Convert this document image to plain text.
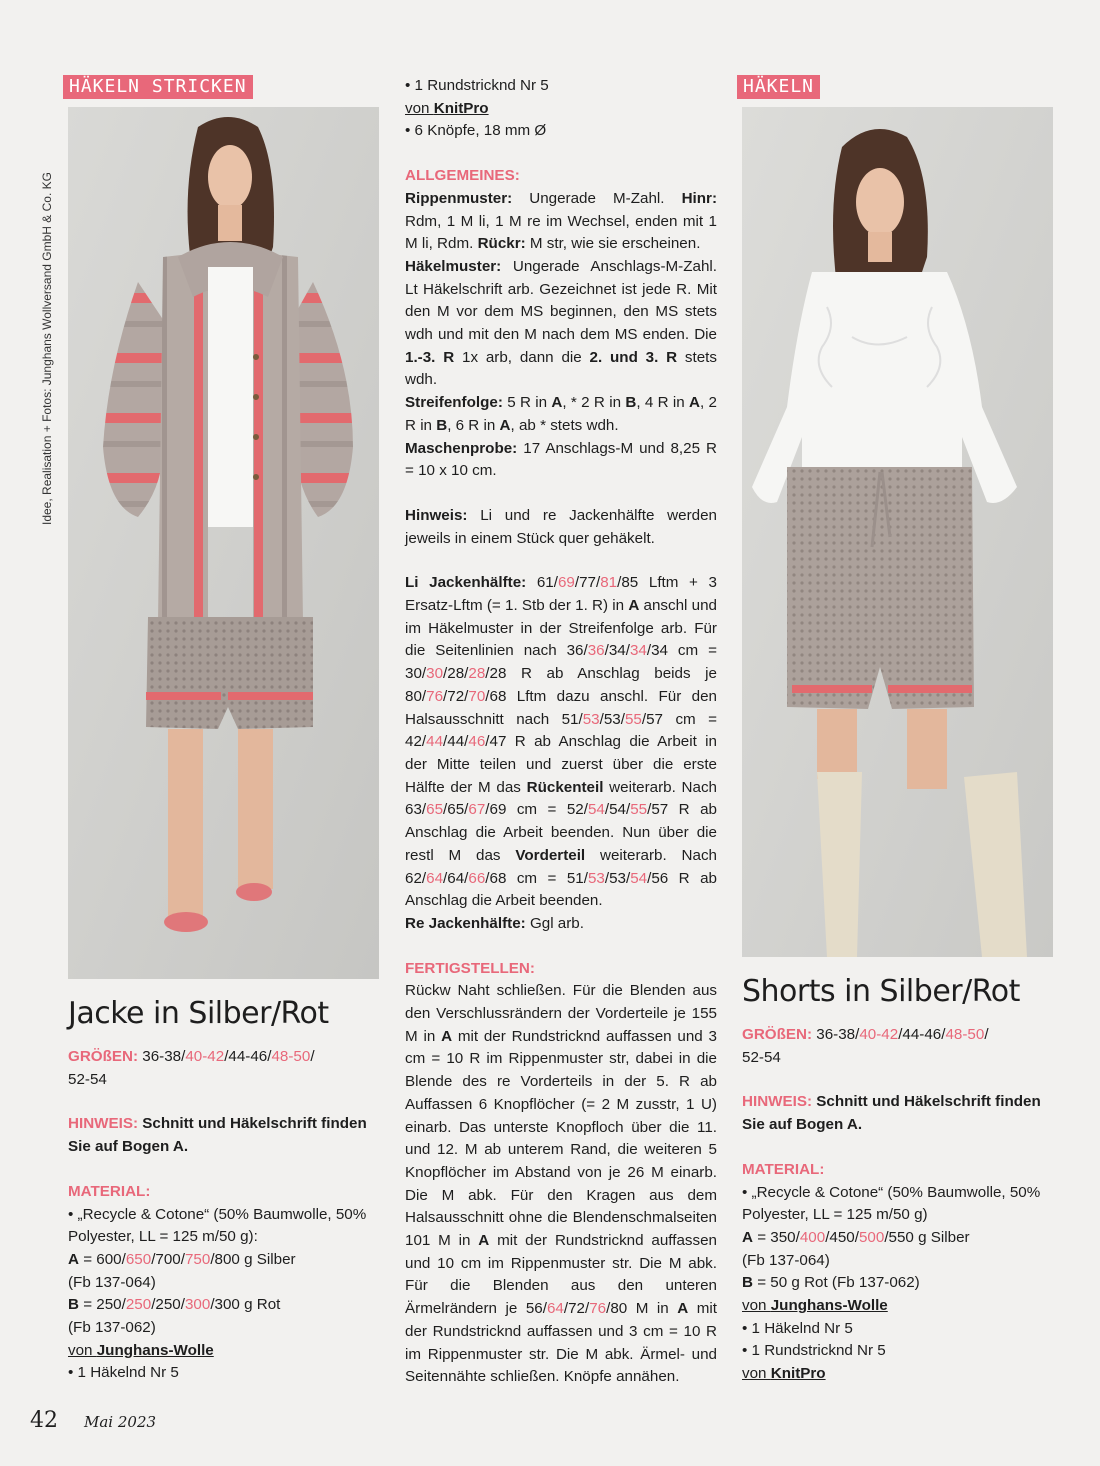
HÄKELN STRICKEN	HÄKELN
Idee, Realisation + Fotos: Junghans Wollversand GmbH & Co. KG
Jacke in Silber/Rot

GRÖßEN: 36-38/40-42/44-46/48-50/
52-54

HINWEIS: Schnitt und Häkelschrift finden Sie auf Bogen A.

MATERIAL:

• „Recycle & Cotone“ (50% Baumwolle, 50% Polyester, LL = 125 m/50 g):

A = 600/650/700/750/800 g Silber
(Fb 137-064)

B = 250/250/250/300/300 g Rot
(Fb 137-062)

von Junghans-Wolle

• 1 Häkelnd Nr 5

• 1 Rundstricknd Nr 5

von KnitPro

• 6 Knöpfe, 18 mm Ø

ALLGEMEINES:

Rippenmuster: Ungerade M-Zahl. Hinr: Rdm, 1 M li, 1 M re im Wechsel, enden mit 1 M li, Rdm. Rückr: M str, wie sie erscheinen.

Häkelmuster: Ungerade Anschlags-M-Zahl. Lt Häkelschrift arb. Gezeichnet ist jede R. Mit den M vor dem MS beginnen, den MS stets wdh und mit den M nach dem MS enden. Die 1.-3. R 1x arb, dann die 2. und 3. R stets wdh.

Streifenfolge: 5 R in A, * 2 R in B, 4 R in A, 2 R in B, 6 R in A, ab * stets wdh.

Maschenprobe: 17 Anschlags-M und 8,25 R = 10 x 10 cm.

Hinweis: Li und re Jackenhälfte werden jeweils in einem Stück quer gehäkelt.

Li Jackenhälfte: 61/69/77/81/85 Lftm + 3 Ersatz-Lftm (= 1. Stb der 1. R) in A anschl und im Häkelmuster in der Streifenfolge arb. Für die Seitenlinien nach 36/36/34/34/34 cm = 30/30/28/28/28 R ab Anschlag beids je 80/76/72/70/68 Lftm dazu anschl. Für den Halsausschnitt nach 51/53/53/55/57 cm = 42/44/44/46/47 R ab Anschlag die Arbeit in der Mitte teilen und zuerst über die erste Hälfte der M das Rückenteil weiterarb. Nach 63/65/65/67/69 cm = 52/54/54/55/57 R ab Anschlag die Arbeit beenden. Nun über die restl M das Vorderteil weiterarb. Nach 62/64/64/66/68 cm = 51/53/53/54/56 R ab Anschlag die Arbeit beenden.

Re Jackenhälfte: Ggl arb.

FERTIGSTELLEN:

Rückw Naht schließen. Für die Blenden aus den Verschlussrändern der Vorderteile je 155 M in A mit der Rundstricknd auffassen und 3 cm = 10 R im Rippenmuster str, dabei in die Blende des re Vorderteils in der 5. R ab Auffassen 6 Knopflöcher (= 2 M zusstr, 1 U) einarb. Das unterste Knopfloch über die 11. und 12. M ab unterem Rand, die weiteren 5 Knopflöcher im Abstand von je 26 M einarb. Die M abk. Für den Kragen aus dem Halsausschnitt ohne die Blendenschmalseiten 101 M in A mit der Rundstricknd auffassen und 10 cm im Rippenmuster str. Die M abk. Für die Blenden aus den unteren Ärmelrändern je 56/64/72/76/80 M in A mit der Rundstricknd auffassen und 3 cm = 10 R im Rippenmuster str. Die M abk. Ärmel- und Seitennähte schließen. Knöpfe annähen.

Shorts in Silber/Rot

GRÖßEN: 36-38/40-42/44-46/48-50/
52-54

HINWEIS: Schnitt und Häkelschrift finden Sie auf Bogen A.

MATERIAL:

• „Recycle & Cotone“ (50% Baumwolle, 50% Polyester, LL = 125 m/50 g)

A = 350/400/450/500/550 g Silber
(Fb 137-064)

B = 50 g Rot (Fb 137-062)

von Junghans-Wolle

• 1 Häkelnd Nr 5

• 1 Rundstricknd Nr 5

von KnitPro

42 Mai 2023
